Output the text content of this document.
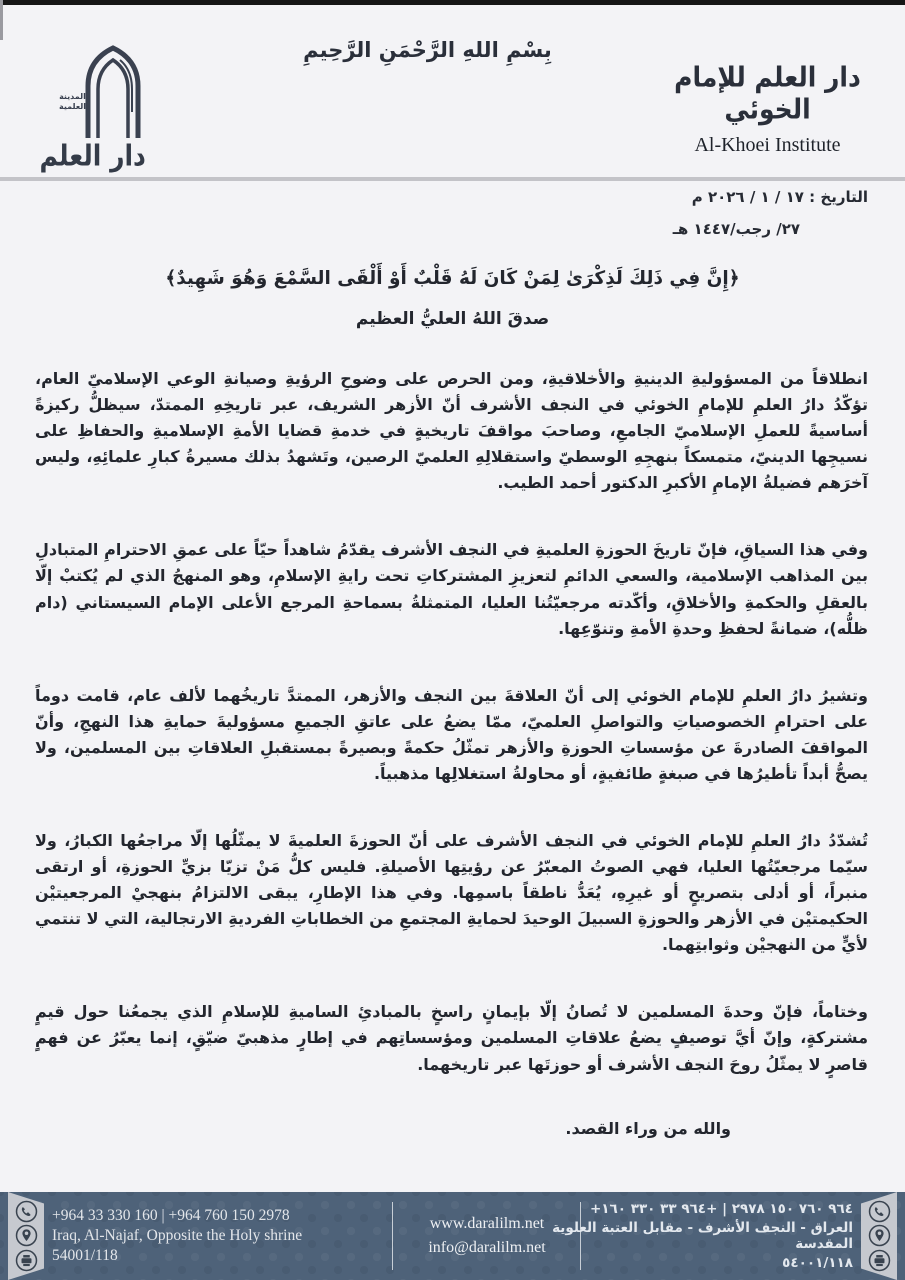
المدينة العلمية
دار العلم
بِسْمِ اللهِ الرَّحْمَنِ الرَّحِيمِ
دار العلم للإمام الخوئي
Al-Khoei Institute
التاريخ : ١٧ / ١ / ٢٠٢٦ م
٢٧/ رجب/١٤٤٧ هـ
﴿إِنَّ فِي ذَلِكَ لَذِكْرَىٰ لِمَنْ كَانَ لَهُ قَلْبٌ أَوْ أَلْقَى السَّمْعَ وَهُوَ شَهِيدٌ﴾
صدقَ اللهُ العليُّ العظيم

انطلاقاً من المسؤوليةِ الدينيةِ والأخلاقيةِ، ومن الحرص على وضوحِ الرؤيةِ وصيانةِ الوعي الإسلاميّ العام، تؤكّدُ دارُ العلمِ للإمامِ الخوئي في النجف الأشرف أنّ الأزهر الشريف، عبر تاريخِهِ الممتدّ، سيظلُّ ركيزةً أساسيةً للعملِ الإسلاميّ الجامعِ، وصاحبَ مواقفَ تاريخيةٍ في خدمةِ قضايا الأمةِ الإسلاميةِ والحفاظِ على نسيجِها الدينيّ، متمسكاً بنهجِهِ الوسطيّ واستقلالِهِ العلميّ الرصين، وتَشهدُ بذلك مسيرةُ كبارِ علمائِهِ، وليس آخرَهم فضيلةُ الإمامِ الأكبرِ الدكتور أحمد الطيب.

وفي هذا السياقِ، فإنّ تاريخَ الحوزةِ العلميةِ في النجف الأشرف يقدّمُ شاهداً حيّاً على عمقِ الاحترامِ المتبادلِ بين المذاهب الإسلامية، والسعي الدائمِ لتعزيزِ المشتركاتِ تحت رايةِ الإسلامِ، وهو المنهجُ الذي لم يُكتبْ إلّا بالعقلِ والحكمةِ والأخلاقِ، وأكّدته مرجعيّتُنا العليا، المتمثلةُ بسماحةِ المرجع الأعلى الإمام السيستاني (دام ظلُّه)، ضمانةً لحفظِ وحدةِ الأمةِ وتنوّعِها.

وتشيرُ دارُ العلمِ للإمام الخوئي إلى أنّ العلاقةَ بين النجف والأزهر، الممتدَّ تاريخُهما لألف عام، قامت دوماً على احترامِ الخصوصياتِ والتواصلِ العلميّ، ممّا يضعُ على عاتقِ الجميعِ مسؤوليةَ حمايةِ هذا النهجِ، وأنّ المواقفَ الصادرةَ عن مؤسساتِ الحوزةِ والأزهر تمثّلُ حكمةً وبصيرةً بمستقبلِ العلاقاتِ بين المسلمين، ولا يصحُّ أبداً تأطيرُها في صبغةٍ طائفيةٍ، أو محاولةُ استغلالِها مذهبياً.

تُشدّدُ دارُ العلمِ للإمام الخوئي في النجف الأشرف على أنّ الحوزةَ العلميةَ لا يمثّلُها إلّا مراجعُها الكبارُ، ولا سيّما مرجعيّتُها العليا، فهي الصوتُ المعبّرُ عن رؤيتِها الأصيلةِ. فليس كلُّ مَنْ تزيّا بزيِّ الحوزةِ، أو ارتقى منبراً، أو أدلى بتصريحٍ أو غيرِهِ، يُعَدُّ ناطقاً باسمِها. وفي هذا الإطارِ، يبقى الالتزامُ بنهجيْ المرجعيتيْن الحكيمتيْن في الأزهر والحوزةِ السبيلَ الوحيدَ لحمايةِ المجتمعِ من الخطاباتِ الفرديةِ الارتجالية، التي لا تنتمي لأيٍّ من النهجيْن وثوابتِهما.

وختاماً، فإنّ وحدةَ المسلمين لا تُصانُ إلّا بإيمانٍ راسخٍ بالمبادئِ الساميةِ للإسلامِ الذي يجمعُنا حول قيمٍ مشتركةٍ، وإنّ أيَّ توصيفٍ يضعُ علاقاتِ المسلمين ومؤسساتِهم في إطارٍ مذهبيّ ضيّقٍ، إنما يعبّرُ عن فهمٍ قاصرٍ لا يمثّلُ روحَ النجف الأشرف أو حوزتَها عبر تاريخهما.

والله من وراء القصد.

+964 33 330 160 | +964 760 150 2978
Iraq, Al-Najaf, Opposite the Holy shrine
54001/118
www.daralilm.net
info@daralilm.net
+٩٦٤ ٧٦٠ ١٥٠ ٢٩٧٨ | +٩٦٤ ٣٣ ٣٣٠ ١٦٠
العراق - النجف الأشرف - مقابل العتبة العلوية المقدسة
٥٤٠٠١/١١٨
